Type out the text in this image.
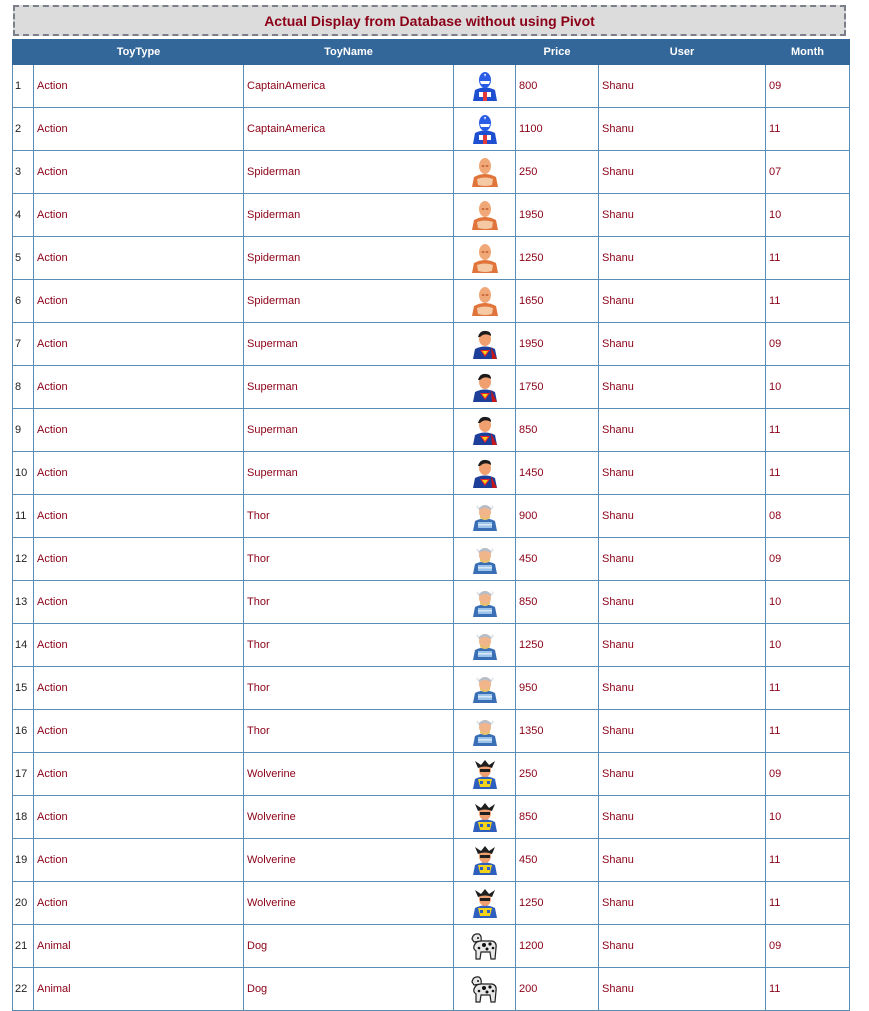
Actual Display from Database without using Pivot
	ToyType	ToyName		Price	User	Month
1	Action	CaptainAmerica		800	Shanu	09
2	Action	CaptainAmerica		1100	Shanu	11
3	Action	Spiderman		250	Shanu	07
4	Action	Spiderman		1950	Shanu	10
5	Action	Spiderman		1250	Shanu	11
6	Action	Spiderman		1650	Shanu	11
7	Action	Superman		1950	Shanu	09
8	Action	Superman		1750	Shanu	10
9	Action	Superman		850	Shanu	11
10	Action	Superman		1450	Shanu	11
11	Action	Thor		900	Shanu	08
12	Action	Thor		450	Shanu	09
13	Action	Thor		850	Shanu	10
14	Action	Thor		1250	Shanu	10
15	Action	Thor		950	Shanu	11
16	Action	Thor		1350	Shanu	11
17	Action	Wolverine		250	Shanu	09
18	Action	Wolverine		850	Shanu	10
19	Action	Wolverine		450	Shanu	11
20	Action	Wolverine		1250	Shanu	11
21	Animal	Dog		1200	Shanu	09
22	Animal	Dog		200	Shanu	11
